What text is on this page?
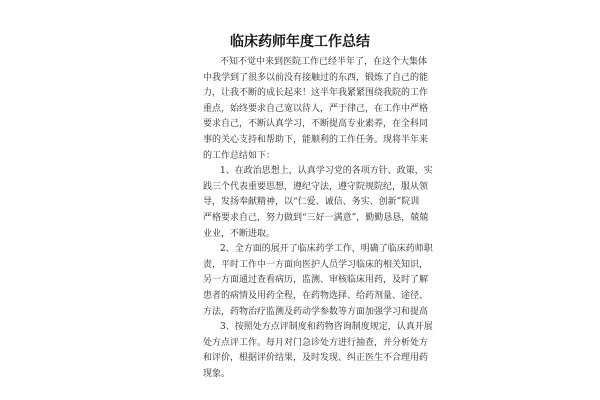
临床药师年度工作总结
不知不觉中来到医院工作已经半年了，在这个大集体
中我学到了很多以前没有接触过的东西，锻炼了自己的能
力，让我不断的成长起来！这半年我紧紧围绕我院的工作
重点，始终要求自己宽以待人，严于律己，在工作中严格
要求自己，不断认真学习，不断提高专业素养，在全科同
事的关心支持和帮助下，能顺利的工作任务。现将半年来
的工作总结如下：
1、在政治思想上，认真学习党的各项方针、政策，实
践三个代表重要思想，遵纪守法，遵守院规院纪，服从领
导，发扬奉献精神，以“仁爱、诚信、务实、创新”院训
严格要求自己，努力做到“三好一满意”，勤勤恳恳，兢兢
业业，不断进取。
2、全方面的展开了临床药学工作，明确了临床药师职
责，平时工作中一方面向医护人员学习临床的相关知识，
另一方面通过查看病历，监测、审核临床用药，及时了解
患者的病情及用药全程，在药物选择、给药剂量、途径、
方法，药物治疗监测及药动学参数等方面加强学习和提高
3、按照处方点评制度和药物咨询制度规定，认真开展
处方点评工作。每月对门急诊处方进行抽查，并分析处方
和评价，根据评价结果，及时发现、纠正医生不合理用药
现象。
